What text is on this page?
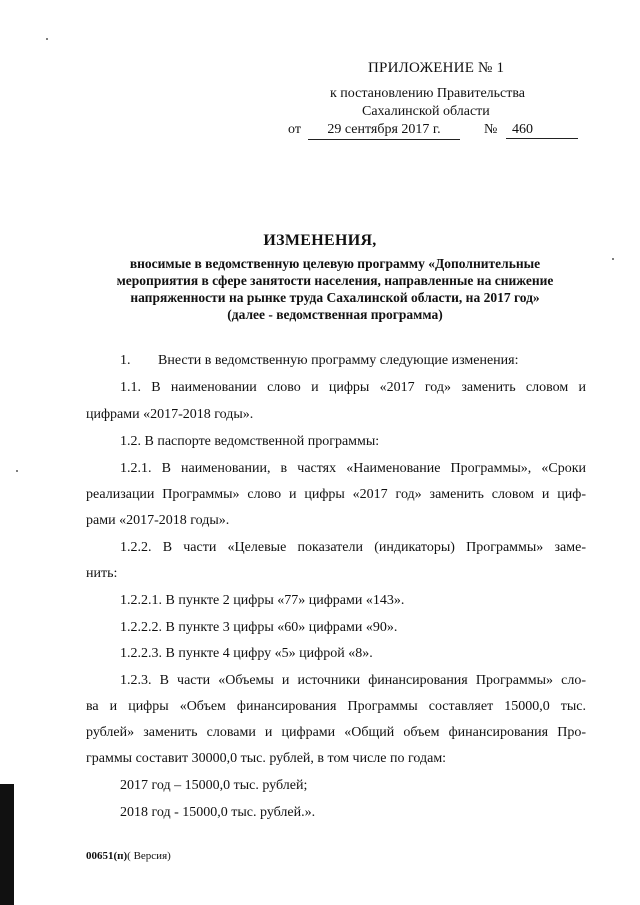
ПРИЛОЖЕНИЕ № 1
к постановлению Правительства
Сахалинской области
от	29 сентября 2017 г.	№	460
ИЗМЕНЕНИЯ,
вносимые в ведомственную целевую программу «Дополнительные
мероприятия в сфере занятости населения, направленные на снижение
напряженности на рынке труда Сахалинской области, на 2017 год»
(далее - ведомственная программа)
1. Внести в ведомственную программу следующие изменения:
1.1. В наименовании слово и цифры «2017 год» заменить словом и
цифрами «2017-2018 годы».
1.2. В паспорте ведомственной программы:
1.2.1. В наименовании, в частях «Наименование Программы», «Сроки
реализации Программы» слово и цифры «2017 год» заменить словом и циф-
рами «2017-2018 годы».
1.2.2. В части «Целевые показатели (индикаторы) Программы» заме-
нить:
1.2.2.1. В пункте 2 цифры «77» цифрами «143».
1.2.2.2. В пункте 3 цифры «60» цифрами «90».
1.2.2.3. В пункте 4 цифру «5» цифрой «8».
1.2.3. В части «Объемы и источники финансирования Программы» сло-
ва и цифры «Объем финансирования Программы составляет 15000,0 тыс.
рублей» заменить словами и цифрами «Общий объем финансирования Про-
граммы составит 30000,0 тыс. рублей, в том числе по годам:
2017 год – 15000,0 тыс. рублей;
2018 год - 15000,0 тыс. рублей.».
00651(п)( Версия)
